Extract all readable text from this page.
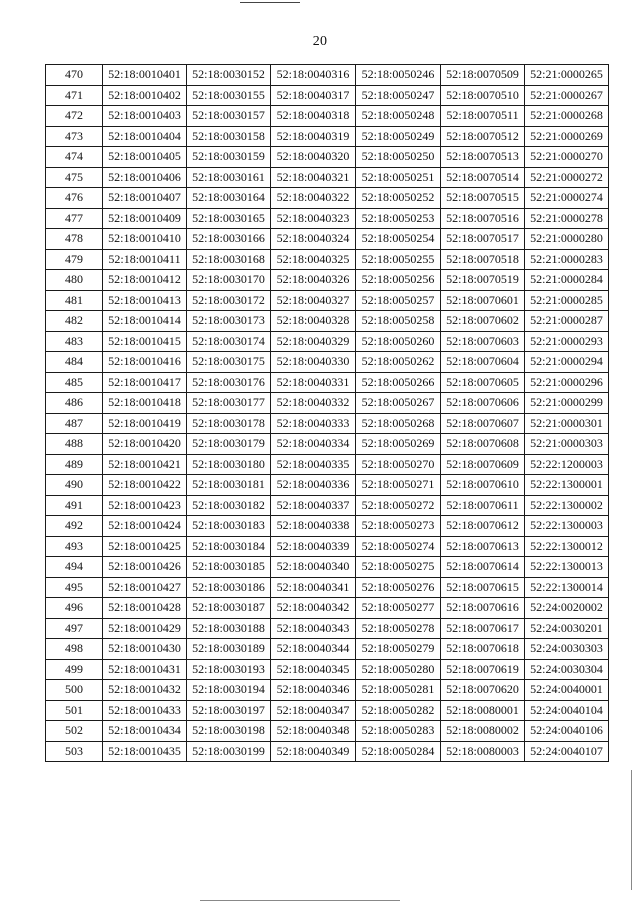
20
470	52:18:0010401	52:18:0030152	52:18:0040316	52:18:0050246	52:18:0070509	52:21:0000265
471	52:18:0010402	52:18:0030155	52:18:0040317	52:18:0050247	52:18:0070510	52:21:0000267
472	52:18:0010403	52:18:0030157	52:18:0040318	52:18:0050248	52:18:0070511	52:21:0000268
473	52:18:0010404	52:18:0030158	52:18:0040319	52:18:0050249	52:18:0070512	52:21:0000269
474	52:18:0010405	52:18:0030159	52:18:0040320	52:18:0050250	52:18:0070513	52:21:0000270
475	52:18:0010406	52:18:0030161	52:18:0040321	52:18:0050251	52:18:0070514	52:21:0000272
476	52:18:0010407	52:18:0030164	52:18:0040322	52:18:0050252	52:18:0070515	52:21:0000274
477	52:18:0010409	52:18:0030165	52:18:0040323	52:18:0050253	52:18:0070516	52:21:0000278
478	52:18:0010410	52:18:0030166	52:18:0040324	52:18:0050254	52:18:0070517	52:21:0000280
479	52:18:0010411	52:18:0030168	52:18:0040325	52:18:0050255	52:18:0070518	52:21:0000283
480	52:18:0010412	52:18:0030170	52:18:0040326	52:18:0050256	52:18:0070519	52:21:0000284
481	52:18:0010413	52:18:0030172	52:18:0040327	52:18:0050257	52:18:0070601	52:21:0000285
482	52:18:0010414	52:18:0030173	52:18:0040328	52:18:0050258	52:18:0070602	52:21:0000287
483	52:18:0010415	52:18:0030174	52:18:0040329	52:18:0050260	52:18:0070603	52:21:0000293
484	52:18:0010416	52:18:0030175	52:18:0040330	52:18:0050262	52:18:0070604	52:21:0000294
485	52:18:0010417	52:18:0030176	52:18:0040331	52:18:0050266	52:18:0070605	52:21:0000296
486	52:18:0010418	52:18:0030177	52:18:0040332	52:18:0050267	52:18:0070606	52:21:0000299
487	52:18:0010419	52:18:0030178	52:18:0040333	52:18:0050268	52:18:0070607	52:21:0000301
488	52:18:0010420	52:18:0030179	52:18:0040334	52:18:0050269	52:18:0070608	52:21:0000303
489	52:18:0010421	52:18:0030180	52:18:0040335	52:18:0050270	52:18:0070609	52:22:1200003
490	52:18:0010422	52:18:0030181	52:18:0040336	52:18:0050271	52:18:0070610	52:22:1300001
491	52:18:0010423	52:18:0030182	52:18:0040337	52:18:0050272	52:18:0070611	52:22:1300002
492	52:18:0010424	52:18:0030183	52:18:0040338	52:18:0050273	52:18:0070612	52:22:1300003
493	52:18:0010425	52:18:0030184	52:18:0040339	52:18:0050274	52:18:0070613	52:22:1300012
494	52:18:0010426	52:18:0030185	52:18:0040340	52:18:0050275	52:18:0070614	52:22:1300013
495	52:18:0010427	52:18:0030186	52:18:0040341	52:18:0050276	52:18:0070615	52:22:1300014
496	52:18:0010428	52:18:0030187	52:18:0040342	52:18:0050277	52:18:0070616	52:24:0020002
497	52:18:0010429	52:18:0030188	52:18:0040343	52:18:0050278	52:18:0070617	52:24:0030201
498	52:18:0010430	52:18:0030189	52:18:0040344	52:18:0050279	52:18:0070618	52:24:0030303
499	52:18:0010431	52:18:0030193	52:18:0040345	52:18:0050280	52:18:0070619	52:24:0030304
500	52:18:0010432	52:18:0030194	52:18:0040346	52:18:0050281	52:18:0070620	52:24:0040001
501	52:18:0010433	52:18:0030197	52:18:0040347	52:18:0050282	52:18:0080001	52:24:0040104
502	52:18:0010434	52:18:0030198	52:18:0040348	52:18:0050283	52:18:0080002	52:24:0040106
503	52:18:0010435	52:18:0030199	52:18:0040349	52:18:0050284	52:18:0080003	52:24:0040107
